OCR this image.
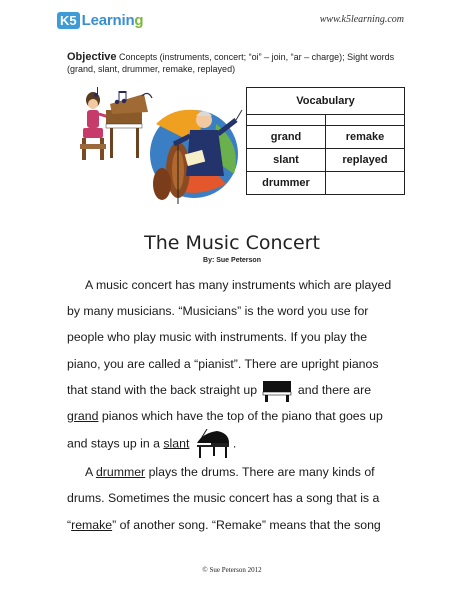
K5 Learning	www.k5learning.com
Objective Concepts (instruments, concert; “oi” – join, “ar – charge); Sight words (grand, slant, drummer, remake, replayed)
Vocabulary	

grand	remake
slant	replayed
drummer	
The Music Concert
By: Sue Peterson

A music concert has many instruments which are played by many musicians. “Musicians” is the word you use for people who play music with instruments. If you play the piano, you are called a “pianist”. There are upright pianos that stand with the back straight up	and there are grand pianos which have the top of the piano that goes up and stays up in a slant	.

A drummer plays the drums. There are many kinds of drums. Sometimes the music concert has a song that is a “remake” of another song. “Remake” means that the song

© Sue Peterson 2012
